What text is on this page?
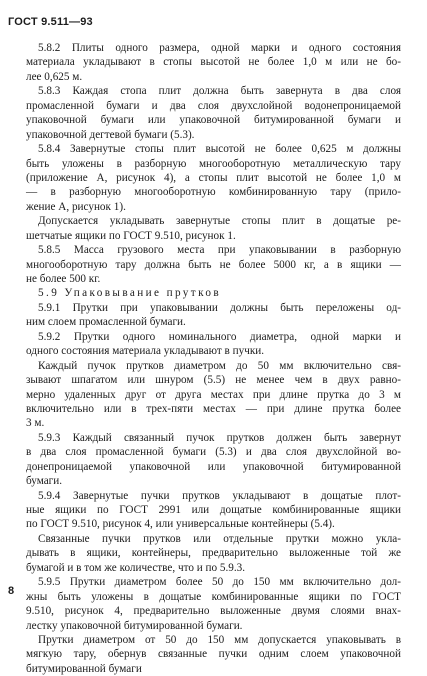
ГОСТ 9.511—93
5.8.2 Плиты одного размера, одной марки и одного состояния
материала укладывают в стопы высотой не более 1,0 м или не бо-
лее 0,625 м.
5.8.3 Каждая стопа плит должна быть завернута в два слоя
промасленной бумаги и два слоя двухслойной водонепроницаемой
упаковочной бумаги или упаковочной битумированной бумаги и
упаковочной дегтевой бумаги (5.3).
5.8.4 Завернутые стопы плит высотой не более 0,625 м должны
быть уложены в разборную многооборотную металлическую тару
(приложение А, рисунок 4), а стопы плит высотой не более 1,0 м
— в разборную многооборотную комбинированную тару (прило-
жение А, рисунок 1).
Допускается укладывать завернутые стопы плит в дощатые ре-
шетчатые ящики по ГОСТ 9.510, рисунок 1.
5.8.5 Масса грузового места при упаковывании в разборную
многооборотную тару должна быть не более 5000 кг, а в ящики —
не более 500 кг.
5.9 Упаковывание прутков
5.9.1 Прутки при упаковывании должны быть переложены од-
ним слоем промасленной бумаги.
5.9.2 Прутки одного номинального диаметра, одной марки и
одного состояния материала укладывают в пучки.
Каждый пучок прутков диаметром до 50 мм включительно свя-
зывают шпагатом или шнуром (5.5) не менее чем в двух равно-
мерно удаленных друг от друга местах при длине прутка до 3 м
включительно или в трех-пяти местах — при длине прутка более
3 м.
5.9.3 Каждый связанный пучок прутков должен быть завернут
в два слоя промасленной бумаги (5.3) и два слоя двухслойной во-
донепроницаемой упаковочной или упаковочной битумированной
бумаги.
5.9.4 Завернутые пучки прутков укладывают в дощатые плот-
ные ящики по ГОСТ 2991 или дощатые комбинированные ящики
по ГОСТ 9.510, рисунок 4, или универсальные контейнеры (5.4).
Связанные пучки прутков или отдельные прутки можно укла-
дывать в ящики, контейнеры, предварительно выложенные той же
бумагой и в том же количестве, что и по 5.9.3.
5.9.5 Прутки диаметром более 50 до 150 мм включительно дол-
жны быть уложены в дощатые комбинированные ящики по ГОСТ
9.510, рисунок 4, предварительно выложенные двумя слоями внах-
лестку упаковочной битумированной бумаги.
Прутки диаметром от 50 до 150 мм допускается упаковывать в
мягкую тару, обернув связанные пучки одним слоем упаковочной
битумированной бумаги
8
